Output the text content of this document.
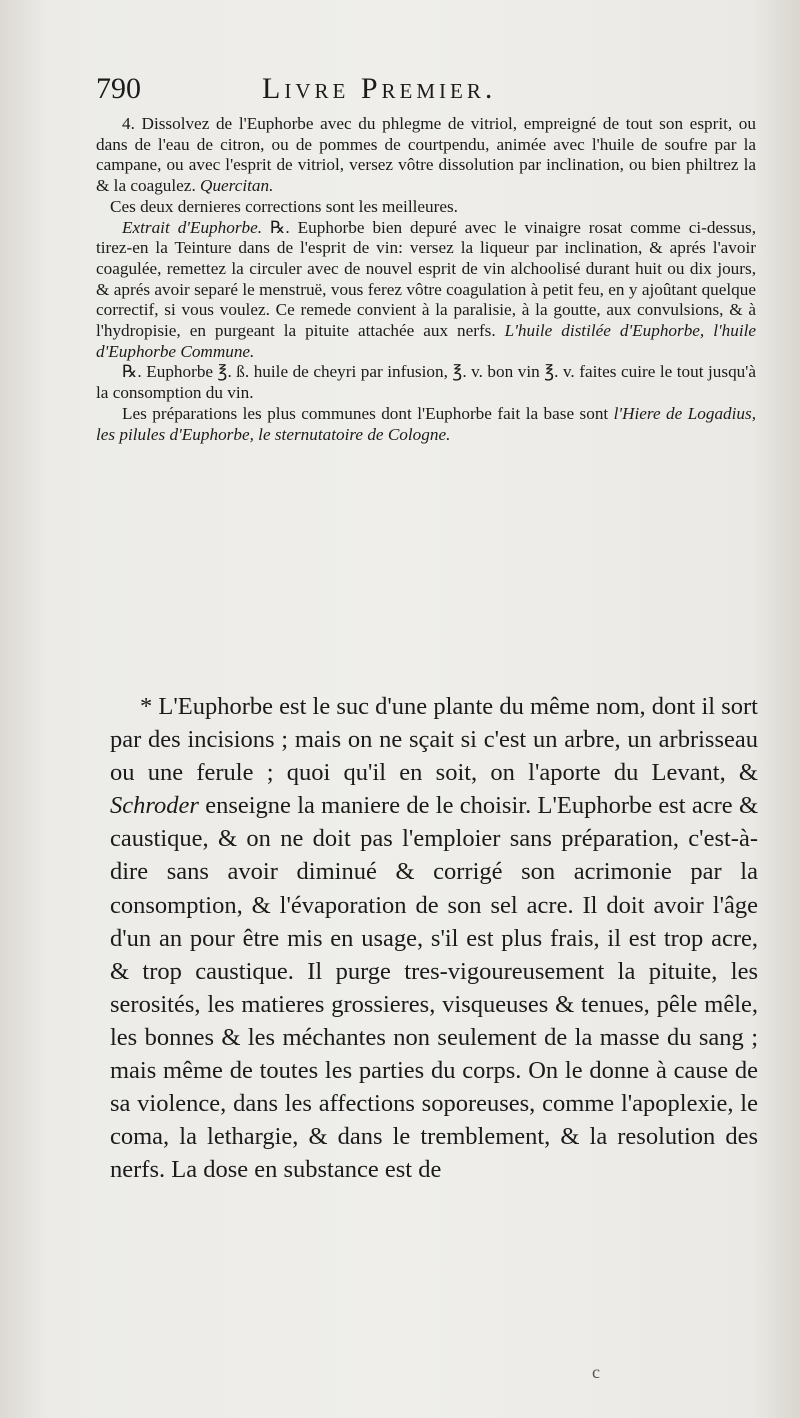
790	Livre Premier.

4. Dissolvez de l'Euphorbe avec du phlegme de vitriol, empreigné de tout son esprit, ou dans de l'eau de citron, ou de pommes de courtpendu, animée avec l'huile de soufre par la campane, ou avec l'esprit de vitriol, versez vôtre dissolution par inclination, ou bien philtrez la & la coagulez. Quercitan.

Ces deux dernieres corrections sont les meilleures.

Extrait d'Euphorbe. ℞. Euphorbe bien depuré avec le vinaigre rosat comme ci-dessus, tirez-en la Teinture dans de l'esprit de vin: versez la liqueur par inclination, & aprés l'avoir coagulée, remettez la circuler avec de nouvel esprit de vin alchoolisé durant huit ou dix jours, & aprés avoir separé le menstruë, vous ferez vôtre coagulation à petit feu, en y ajoûtant quelque correctif, si vous voulez. Ce remede convient à la paralisie, à la goutte, aux convulsions, & à l'hydropisie, en purgeant la pituite attachée aux nerfs. L'huile distilée d'Euphorbe, l'huile d'Euphorbe Commune.

℞. Euphorbe ℥. ß. huile de cheyri par infusion, ℥. v. bon vin ℥. v. faites cuire le tout jusqu'à la consomption du vin.

Les préparations les plus communes dont l'Euphorbe fait la base sont l'Hiere de Logadius, les pilules d'Euphorbe, le sternutatoire de Cologne.

* L'Euphorbe est le suc d'une plante du même nom, dont il sort par des incisions ; mais on ne sçait si c'est un arbre, un arbrisseau ou une ferule ; quoi qu'il en soit, on l'aporte du Levant, & Schroder enseigne la maniere de le choisir. L'Euphorbe est acre & caustique, & on ne doit pas l'emploier sans préparation, c'est-à-dire sans avoir diminué & corrigé son acrimonie par la consomption, & l'évaporation de son sel acre. Il doit avoir l'âge d'un an pour être mis en usage, s'il est plus frais, il est trop acre, & trop caustique. Il purge tres-vigoureusement la pituite, les serosités, les matieres grossieres, visqueuses & tenues, pêle mêle, les bonnes & les méchantes non seulement de la masse du sang ; mais même de toutes les parties du corps. On le donne à cause de sa violence, dans les affections soporeuses, comme l'apoplexie, le coma, la lethargie, & dans le tremblement, & la resolution des nerfs. La dose en substance est de

c
